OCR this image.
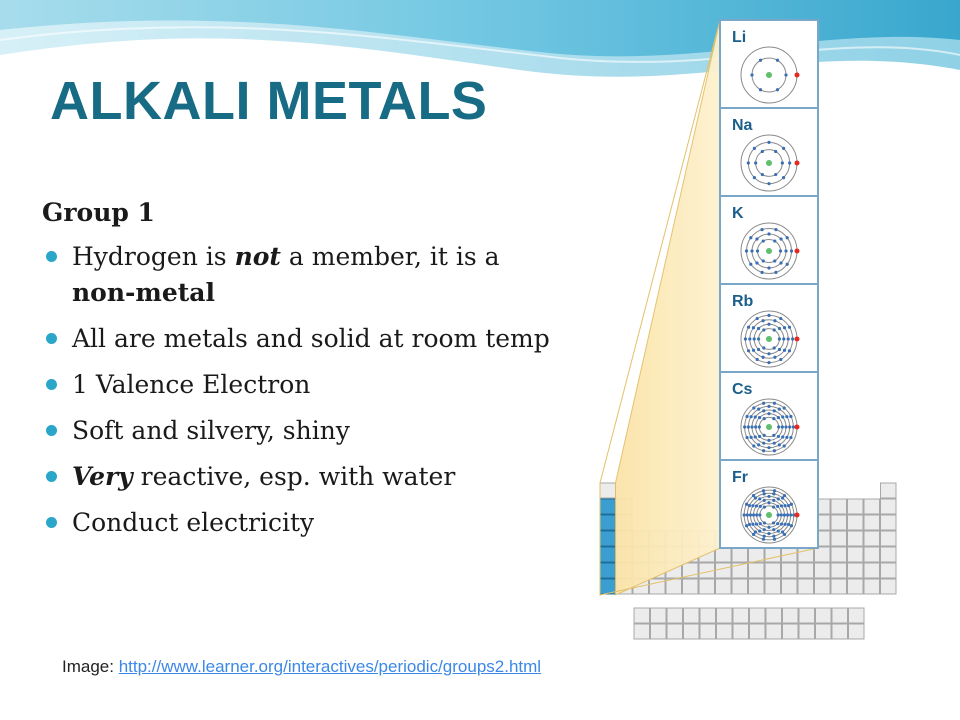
ALKALI METALS
Group 1
Hydrogen is not a member, it is a non-metal
All are metals and solid at room temp
1 Valence Electron
Soft and silvery, shiny
Very reactive, esp. with water
Conduct electricity
Li
Na
K
Rb
Cs
Fr
Image: http://www.learner.org/interactives/periodic/groups2.html
